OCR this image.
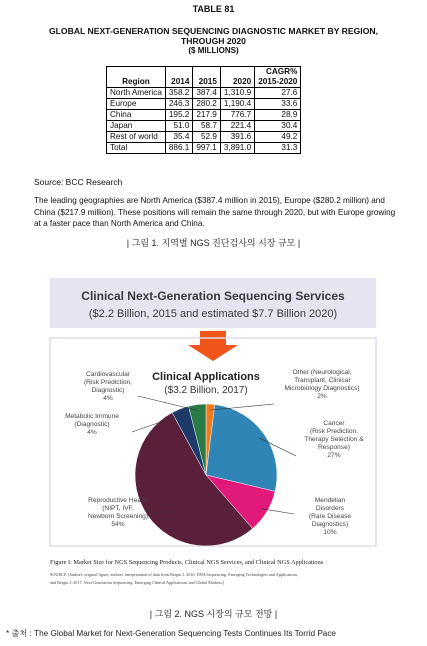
TABLE 81
GLOBAL NEXT-GENERATION SEQUENCING DIAGNOSTIC MARKET BY REGION,
THROUGH 2020
($ MILLIONS)
Region	2014	2015	2020	CAGR%
2015-2020
North America	358.2	387.4	1,310.9	27.6
Europe	246.3	280.2	1,190.4	33.6
China	195.2	217.9	776.7	28.9
Japan	51.0	58.7	221.4	30.4
Rest of world	35.4	52.9	391.6	49.2
Total	886.1	997.1	3,891.0	31.3
Source: BCC Research
The leading geographies are North America ($387.4 million in 2015), Europe ($280.2 million) and China ($217.9 million). These positions will remain the same through 2020, but with Europe growing at a faster pace than North America and China.
| 그림 1. 지역별 NGS 진단검사의 시장 규모 |
Clinical Next-Generation Sequencing Services
($2.2 Billion, 2015 and estimated $7.7 Billion 2020)
Clinical Applications
($3.2 Billion, 2017)
Other (Neurological, Transplant, Clinical Microbiology Diagnostics) 2%
Cancer (Risk Prediction, Therapy Selection & Response) 27%
Mendelian Disorders (Rare Disease Diagnostics) 10%
Reproductive Health (NIPT, IVF, Newborn Screening) 54%
Metabolic Immune (Diagnostic) 4%
Cardiovascular (Risk Prediction, Diagnostic) 4%
Figure I: Market Size for NGS Sequencing Products, Clinical NGS Services, and Clinical NGS Applications
SOURCE [Authors' original figure; authors' interpretation of data from Bergin J. 2016. DNA Sequencing: Emerging Technologies and Applications,
and Bergin J. 2017. Next-Generation Sequencing: Emerging Clinical Applications and Global Markets.]
| 그림 2. NGS 시장의 규모 전망 |
* 출처 : The Global Market for Next-Generation Sequencing Tests Continues Its Torrid Pace
